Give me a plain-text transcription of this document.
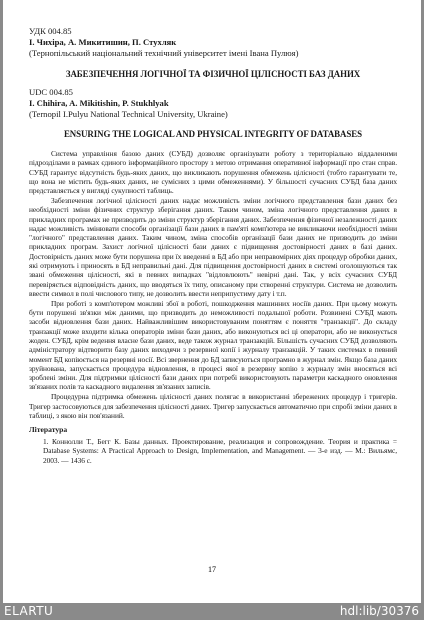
УДК 004.85
І. Чихіра, А. Микитишин, П. Стухляк
(Тернопільський національний технічний університет імені Івана Пулюя)
ЗАБЕЗПЕЧЕННЯ ЛОГІЧНОЇ ТА ФІЗИЧНОЇ ЦІЛІСНОСТІ БАЗ ДАНИХ
UDC 004.85
I. Chihira, A. Mikitishin, P. Stukhlyak
(Ternopil I.Pulyu National Technical University, Ukraine)
ENSURING THE LOGICAL AND PHYSICAL INTEGRITY OF DATABASES

Система управління базою даних (СУБД) дозволяє організувати роботу з територіально віддаленими підрозділами в рамках єдиного інформаційного простору з метою отримання оперативної інформації про стан справ. СУБД гарантує відсутність будь-яких даних, що викликають порушення обмежень цілісності (тобто гарантувати те, що вона не містить будь-яких даних, не сумісних з цими обмеженнями). У більшості сучасних СУБД база даних представляється у вигляді сукупності таблиць.

Забезпечення логічної цілісності даних надає можливість зміни логічного представлення бази даних без необхідності зміни фізичних структур зберігання даних. Таким чином, зміна логічного представлення даних в прикладних програмах не призводить до зміни структур зберігання даних. Забезпечення фізичної незалежності даних надає можливість змінювати способи організації бази даних в пам'яті комп'ютера не викликаючи необхідності зміни "логічного" представлення даних. Таким чином, зміна способів організації бази даних не призводить до зміни прикладних програм. Захист логічної цілісності бази даних є підвищення достовірності даних в базі даних. Достовірність даних може бути порушена при їх введенні в БД або при неправомірних діях процедур обробки даних, які отримують і приносять в БД неправильні дані. Для підвищення достовірності даних в системі оголошуються так звані обмеження цілісності, які в певних випадках "відловлюють" невірні дані. Так, у всіх сучасних СУБД перевіряється відповідність даних, що вводяться їх типу, описаному при створенні структури. Система не дозволить ввести символ в полі числового типу, не дозволить ввести неприпустиму дату і т.п.

При роботі з комп'ютером можливі збої в роботі, пошкодження машинних носіїв даних. При цьому можуть бути порушені зв'язки між даними, що призводить до неможливості подальшої роботи. Розвинені СУБД мають засоби відновлення бази даних. Найважливішим використовуваним поняттям є поняття "транзакції". До складу транзакції може входити кілька операторів зміни бази даних, або виконуються всі ці оператори, або не виконується жоден. СУБД, крім ведення власне бази даних, веде також журнал транзакцій. Більшість сучасних СУБД дозволяють адміністратору відтворити базу даних виходячи з резервної копії і журналу транзакцій. У таких системах в певний момент БД копіюється на резервні носії. Всі звернення до БД записуються програмно в журнал змін. Якщо база даних зруйнована, запускається процедура відновлення, в процесі якої в резервну копію з журналу змін вносяться всі зроблені зміни. Для підтримки цілісності бази даних при потребі використовують параметри каскадного оновлення зв'язаних полів та каскадного видалення зв'язаних записів.

Процедурна підтримка обмежень цілісності даних полягає в використанні збережених процедур і тригерів. Тригер застосовуються для забезпечення цілісності даних. Тригер запускається автоматично при спробі зміни даних в таблиці, з якою він пов'язаний.

Література
1. Коннолли Т., Бегг К. Базы данных. Проектирование, реализация и сопровождение. Теория и практика = Database Systems: A Practical Approach to Design, Implementation, and Management. — 3-е изд. — М.: Вильямс, 2003. — 1436 с.
17
ELARTU	hdl:lib/30376
